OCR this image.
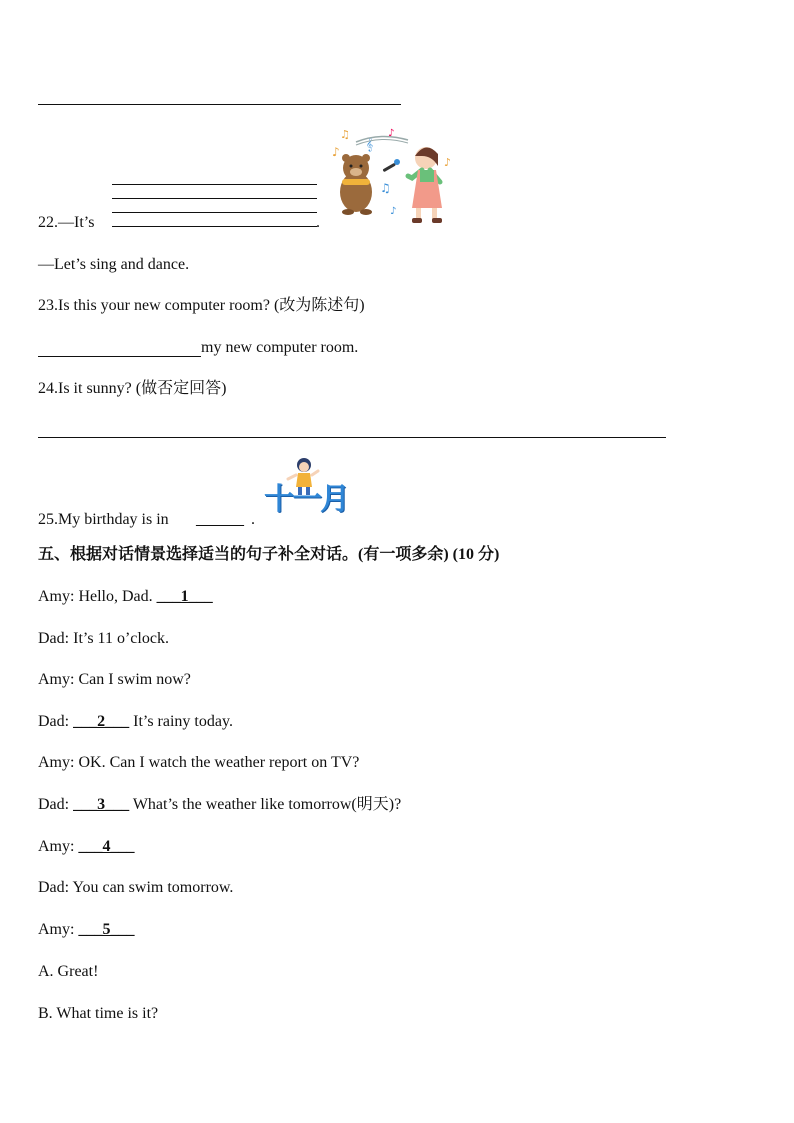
♪
♫
𝄞
♪
♪
♫
♪
22.—It’s	.
—Let’s sing and dance.
23.Is this your new computer room? (改为陈述句)
my new computer room.
24.Is it sunny? (做否定回答)
25.My birthday is in ______ .
十一月
五、根据对话情景选择适当的句子补全对话。(有一项多余) (10 分)
Amy: Hello, Dad. ___1___
Dad: It’s 11 o’clock.
Amy: Can I swim now?
Dad: ___2___ It’s rainy today.
Amy: OK. Can I watch the weather report on TV?
Dad: ___3___ What’s the weather like tomorrow(明天)?
Amy: ___4___
Dad: You can swim tomorrow.
Amy: ___5___
A. Great!
B. What time is it?
